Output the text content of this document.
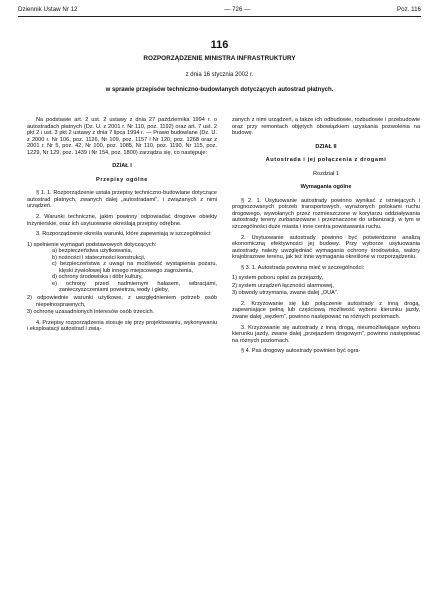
Dziennik Ustaw Nr 12	— 726 —	Poz. 116
116
ROZPORZĄDZENIE MINISTRA INFRASTRUKTURY
z dnia 16 stycznia 2002 r.
w sprawie przepisów techniczno-budowlanych dotyczących autostrad płatnych.

Na podstawie art. 2 ust. 2 ustawy z dnia 27 października 1994 r. o autostradach płatnych (Dz. U. z 2001 r. Nr 110, poz. 1192) oraz art. 7 ust. 2 pkt 2 i ust. 3 pkt 2 ustawy z dnia 7 lipca 1994 r. — Prawo budowlane (Dz. U. z 2000 r. Nr 106, poz. 1126, Nr 109, poz. 1157 i Nr 120, poz. 1268 oraz z 2001 r. Nr 5, poz. 42, Nr 100, poz. 1085, Nr 110, poz. 1190, Nr 115, poz. 1229, Nr 129, poz. 1439 i Nr 154, poz. 1800) zarządza się, co następuje:

DZIAŁ I
Przepisy ogólne

§ 1. 1. Rozporządzenie ustala przepisy techniczno-budowlane dotyczące autostrad płatnych, zwanych dalej „autostradami”, i związanych z nimi urządzeń.

2. Warunki techniczne, jakim powinny odpowiadać drogowe obiekty inżynierskie, oraz ich usytuowanie określają przepisy odrębne.

3. Rozporządzenie określa warunki, które zapewniają w szczególności:

1) spełnienie wymagań podstawowych dotyczących:
a) bezpieczeństwa użytkowania,
b) nośności i stateczności konstrukcji,
c) bezpieczeństwa z uwagi na możliwość wystąpienia pożaru, klęski żywiołowej lub innego miejscowego zagrożenia,
d) ochrony środowiska i dóbr kultury,
e) ochrony przed nadmiernym hałasem, wibracjami, zanieczyszczeniami powietrza, wody i gleby,
2) odpowiednie warunki użytkowe, z uwzględnieniem potrzeb osób niepełnosprawnych,
3) ochronę uzasadnionych interesów osób trzecich.

4. Przepisy rozporządzenia stosuje się przy projektowaniu, wykonywaniu i eksploatacji autostrad i zwią-

zanych z nimi urządzeń, a także ich odbudowie, rozbudowie i przebudowie oraz przy remontach objętych obowiązkiem uzyskania pozwolenia na budowę.

DZIAŁ II
Autostrada i jej połączenia z drogami
Rozdział 1
Wymagania ogólne

§ 2. 1. Usytuowanie autostrady powinno wynikać z istniejących i prognozowanych potrzeb transportowych, wyrażonych potokami ruchu drogowego, wywołanych przez rozmieszczone w korytarzu oddziaływania autostrady tereny zurbanizowane i przeznaczone do urbanizacji, w tym w szczególności duże miasta i inne centra powstawania ruchu.

2. Usytuowanie autostrady powinno być potwierdzone analizą ekonomiczną efektywności jej budowy. Przy wyborze usytuowania autostrady należy uwzględniać wymagania ochrony środowiska, walory krajobrazowe terenu, jak też inne wymagania określone w rozporządzeniu.

§ 3. 1. Autostrada powinna mieć w szczególności:

1) system poboru opłat za przejazdy,
2) system urządzeń łączności alarmowej,
3) obwody utrzymania, zwane dalej „OUA”.

2. Krzyżowanie się lub połączenie autostrady z inną drogą, zapewniające pełną lub częściową możliwość wyboru kierunku jazdy, zwane dalej „węzłem”, powinno następować na różnych poziomach.

3. Krzyżowanie się autostrady z inną drogą, nieumożliwiające wyboru kierunku jazdy, zwane dalej „przejazdem drogowym”, powinno następować na różnych poziomach.

§ 4. Pas drogowy autostrady powinien być ogra-
